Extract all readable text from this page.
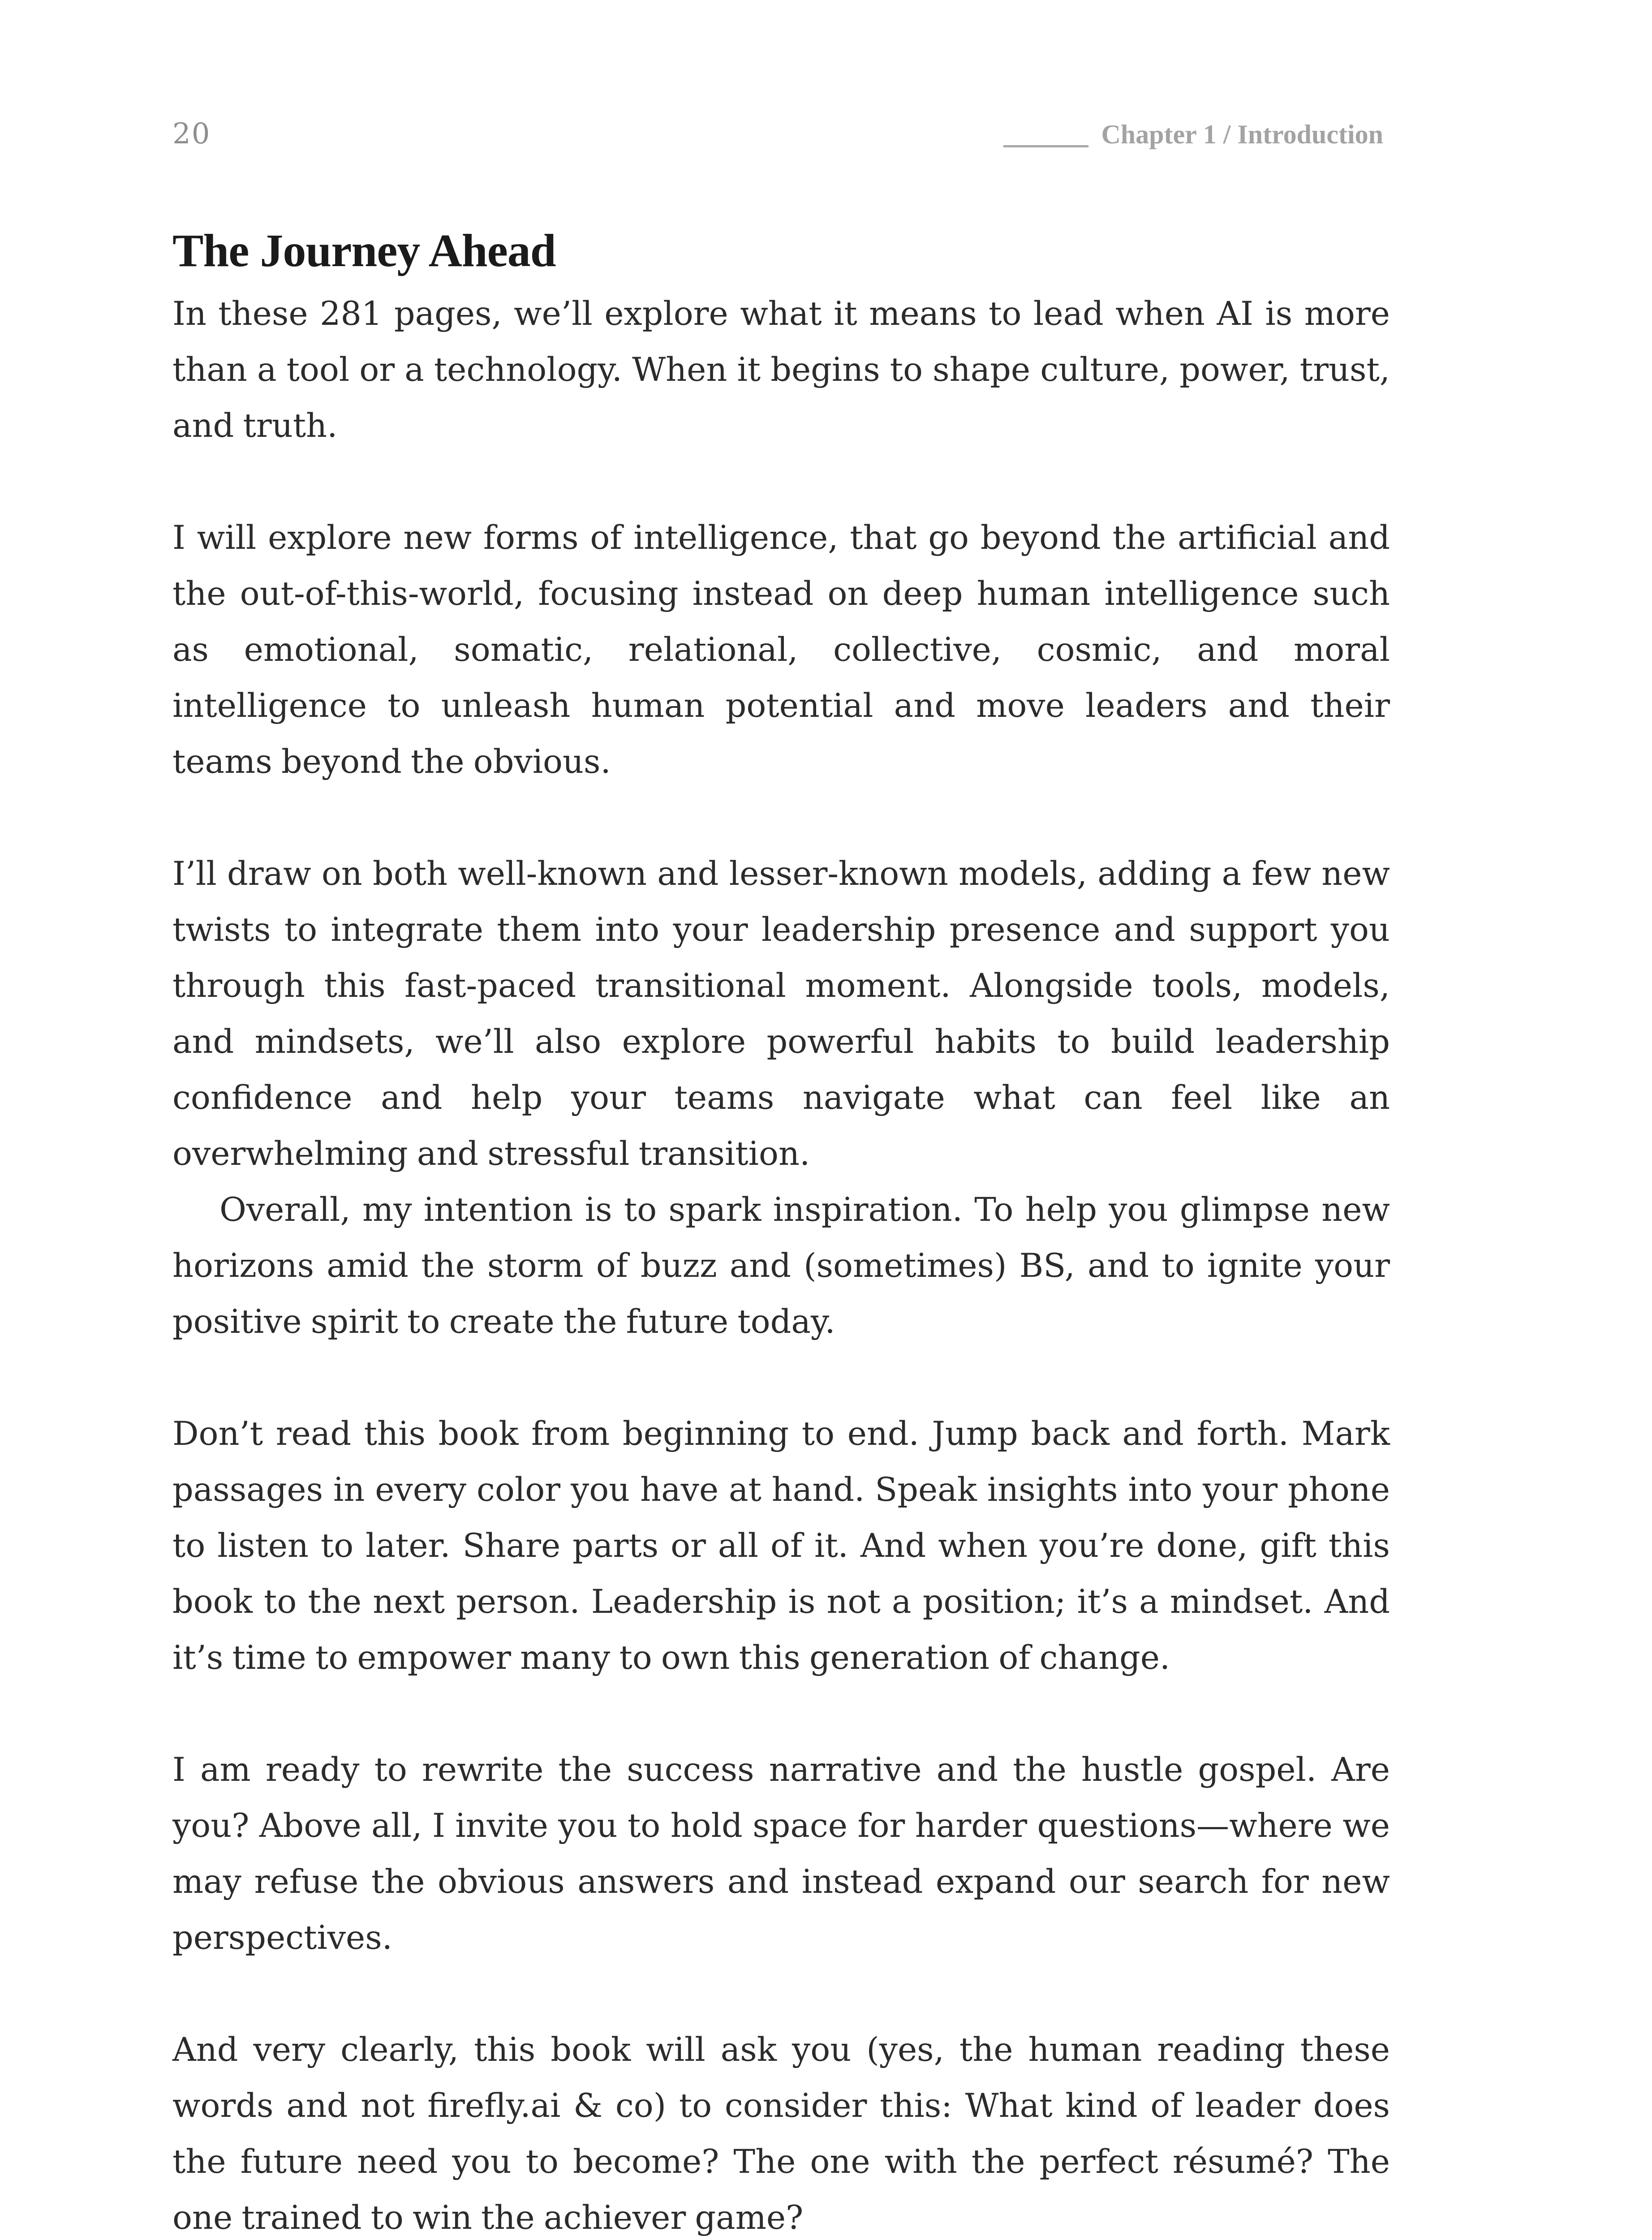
20	Chapter 1 / Introduction
The Journey Ahead

In these 281 pages, we’ll explore what it means to lead when AI is more than a tool or a technology. When it begins to shape culture, power, trust, and truth.

I will explore new forms of intelligence, that go beyond the artificial and the out-of-this-world, focusing instead on deep human intelligence such as emotional, somatic, relational, collective, cosmic, and moral intelligence to unleash human potential and move leaders and their teams beyond the obvious.

I’ll draw on both well-known and lesser-known models, adding a few new twists to integrate them into your leadership presence and support you through this fast-paced transitional moment. Alongside tools, models, and mindsets, we’ll also explore powerful habits to build leadership confidence and help your teams navigate what can feel like an overwhelming and stressful transition.

Overall, my intention is to spark inspiration. To help you glimpse new horizons amid the storm of buzz and (sometimes) BS, and to ignite your positive spirit to create the future today.

Don’t read this book from beginning to end. Jump back and forth. Mark passages in every color you have at hand. Speak insights into your phone to listen to later. Share parts or all of it. And when you’re done, gift this book to the next person. Leadership is not a position; it’s a mindset. And it’s time to empower many to own this generation of change.

I am ready to rewrite the success narrative and the hustle gospel. Are you? Above all, I invite you to hold space for harder questions—where we may refuse the obvious answers and instead expand our search for new perspectives.

And very clearly, this book will ask you (yes, the human reading these words and not firefly.ai & co) to consider this: What kind of leader does the future need you to become? The one with the perfect résumé? The one trained to win the achiever game?
